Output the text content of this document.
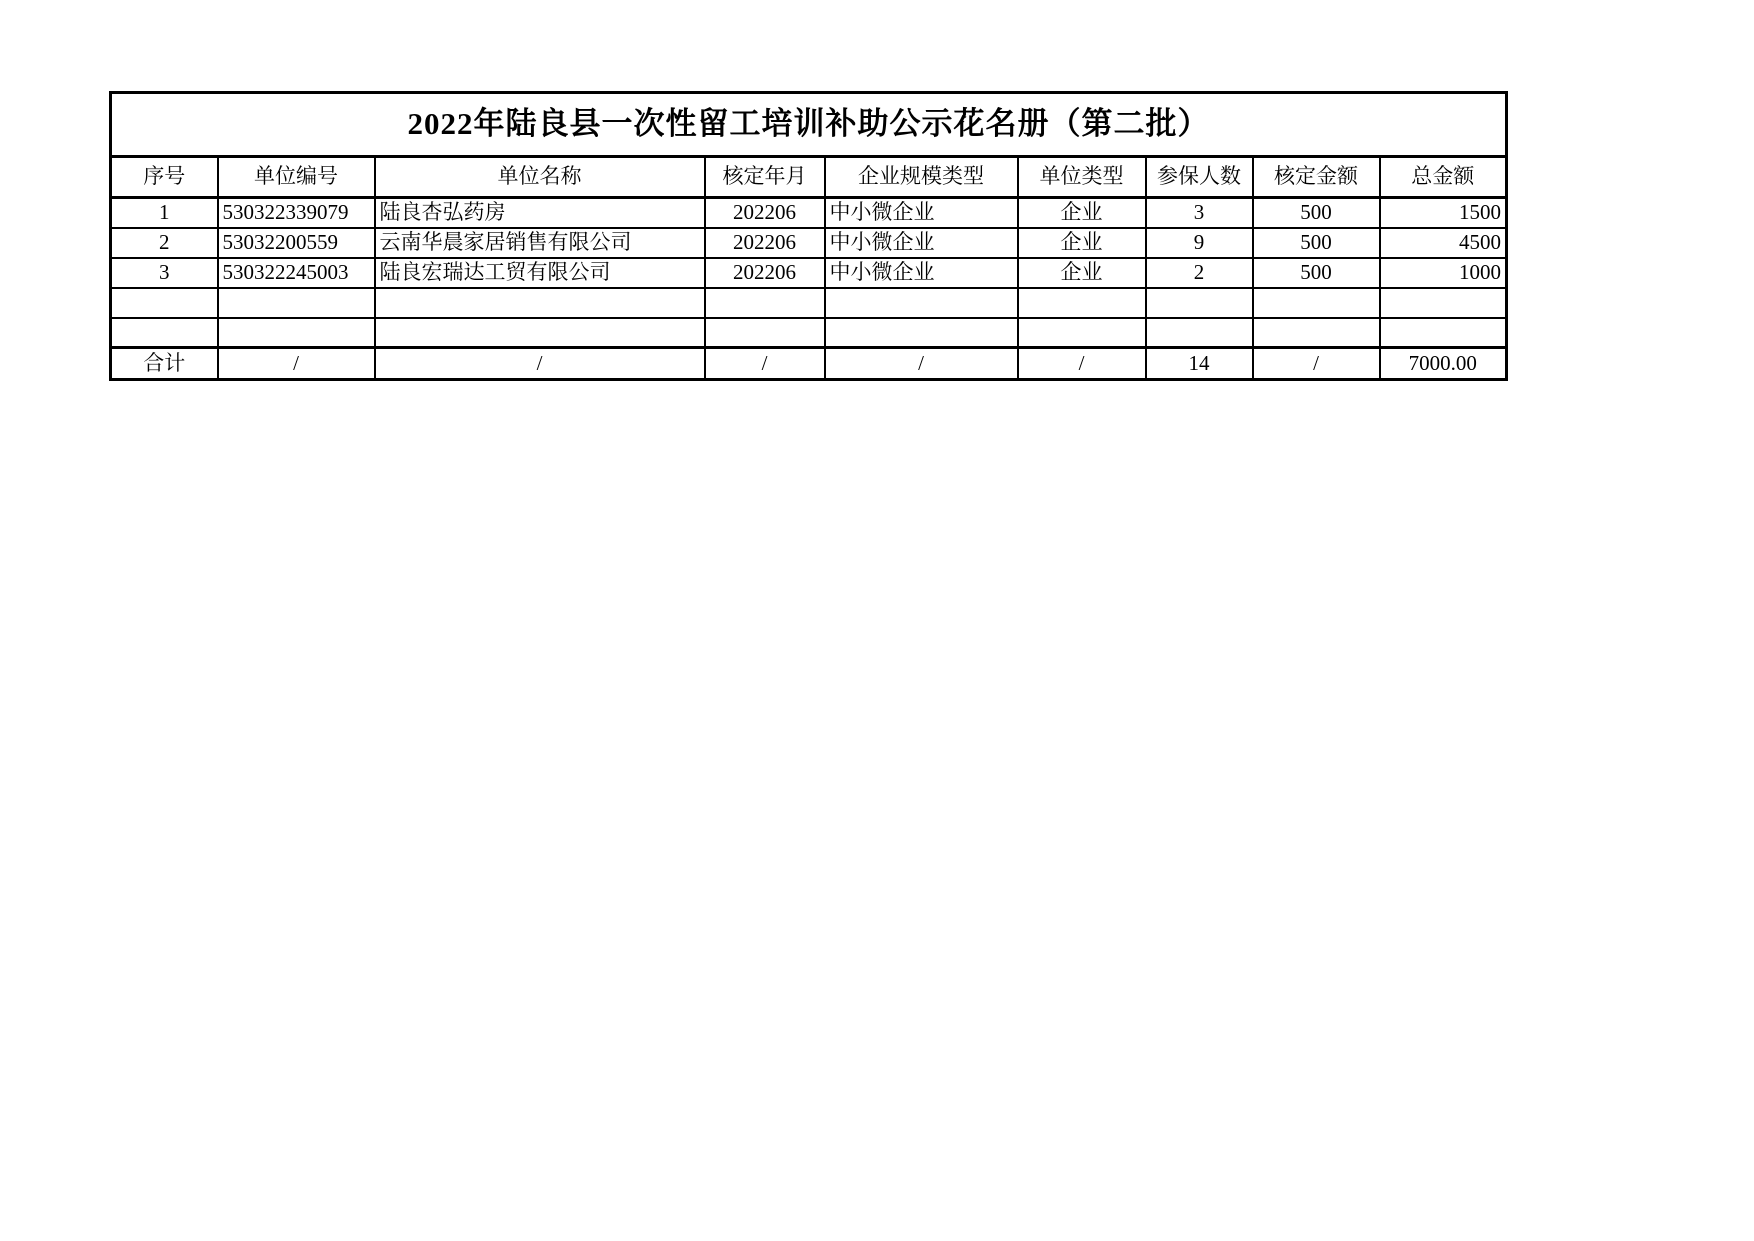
2022年陆良县一次性留工培训补助公示花名册（第二批）								
序号	单位编号	单位名称	核定年月	企业规模类型	单位类型	参保人数	核定金额	总金额
1	530322339079	陆良杏弘药房	202206	中小微企业	企业	3	500	1500
2	53032200559	云南华晨家居销售有限公司	202206	中小微企业	企业	9	500	4500
3	530322245003	陆良宏瑞达工贸有限公司	202206	中小微企业	企业	2	500	1000

合计	/	/	/	/	/	14	/	7000.00
